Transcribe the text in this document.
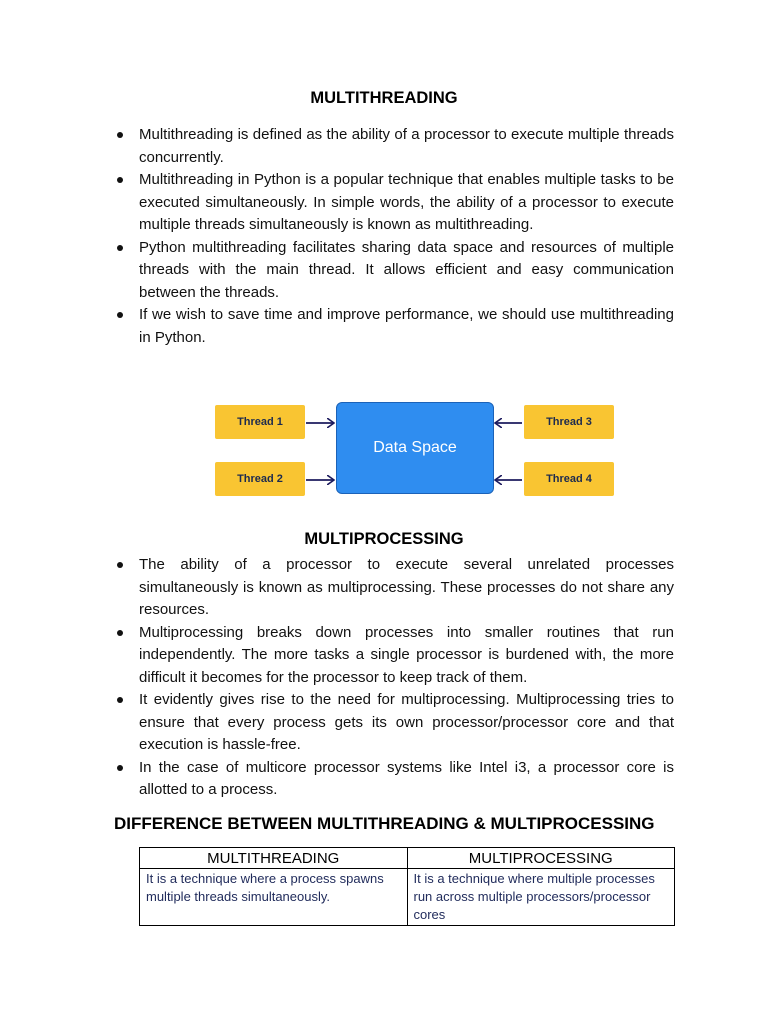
MULTITHREADING
Multithreading is defined as the ability of a processor to execute multiple threads concurrently.
Multithreading in Python is a popular technique that enables multiple tasks to be executed simultaneously. In simple words, the ability of a processor to execute multiple threads simultaneously is known as multithreading.
Python multithreading facilitates sharing data space and resources of multiple threads with the main thread. It allows efficient and easy communication between the threads.
If we wish to save time and improve performance, we should use multithreading in Python.
Thread 1
Thread 2
Thread 3
Thread 4
Data Space
MULTIPROCESSING
The ability of a processor to execute several unrelated processes simultaneously is known as multiprocessing. These processes do not share any resources.
Multiprocessing breaks down processes into smaller routines that run independently. The more tasks a single processor is burdened with, the more difficult it becomes for the processor to keep track of them.
It evidently gives rise to the need for multiprocessing. Multiprocessing tries to ensure that every process gets its own processor/processor core and that execution is hassle-free.
In the case of multicore processor systems like Intel i3, a processor core is allotted to a process.
DIFFERENCE BETWEEN MULTITHREADING & MULTIPROCESSING
MULTITHREADING	MULTIPROCESSING
It is a technique where a process spawns multiple threads simultaneously.	It is a technique where multiple processes run across multiple processors/processor cores
